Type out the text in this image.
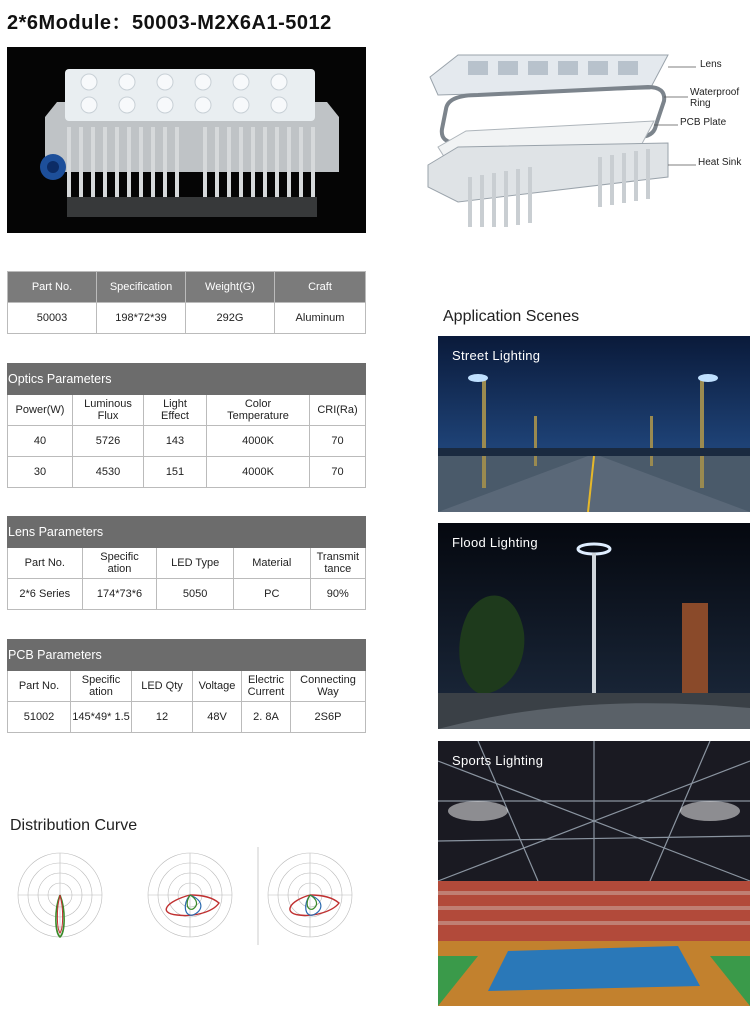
2*6Module：50003-M2X6A1-5012
Lens
Waterproof Ring
PCB Plate
Heat Sink
Part No.	Specification	Weight(G)	Craft
50003	198*72*39	292G	Aluminum
Optics Parameters				
Power(W)	Luminous Flux	Light Effect	Color Temperature	CRI(Ra)
40	5726	143	4000K	70
30	4530	151	4000K	70
Lens Parameters				
Part No.	Specific ation	LED Type	Material	Transmit tance
2*6 Series	174*73*6	5050	PC	90%
PCB Parameters					
Part No.	Specific ation	LED Qty	Voltage	Electric Current	Connecting Way
51002	145*49* 1.5	12	48V	2. 8A	2S6P
Distribution Curve
Application Scenes
Street Lighting
Flood Lighting
Sports Lighting
